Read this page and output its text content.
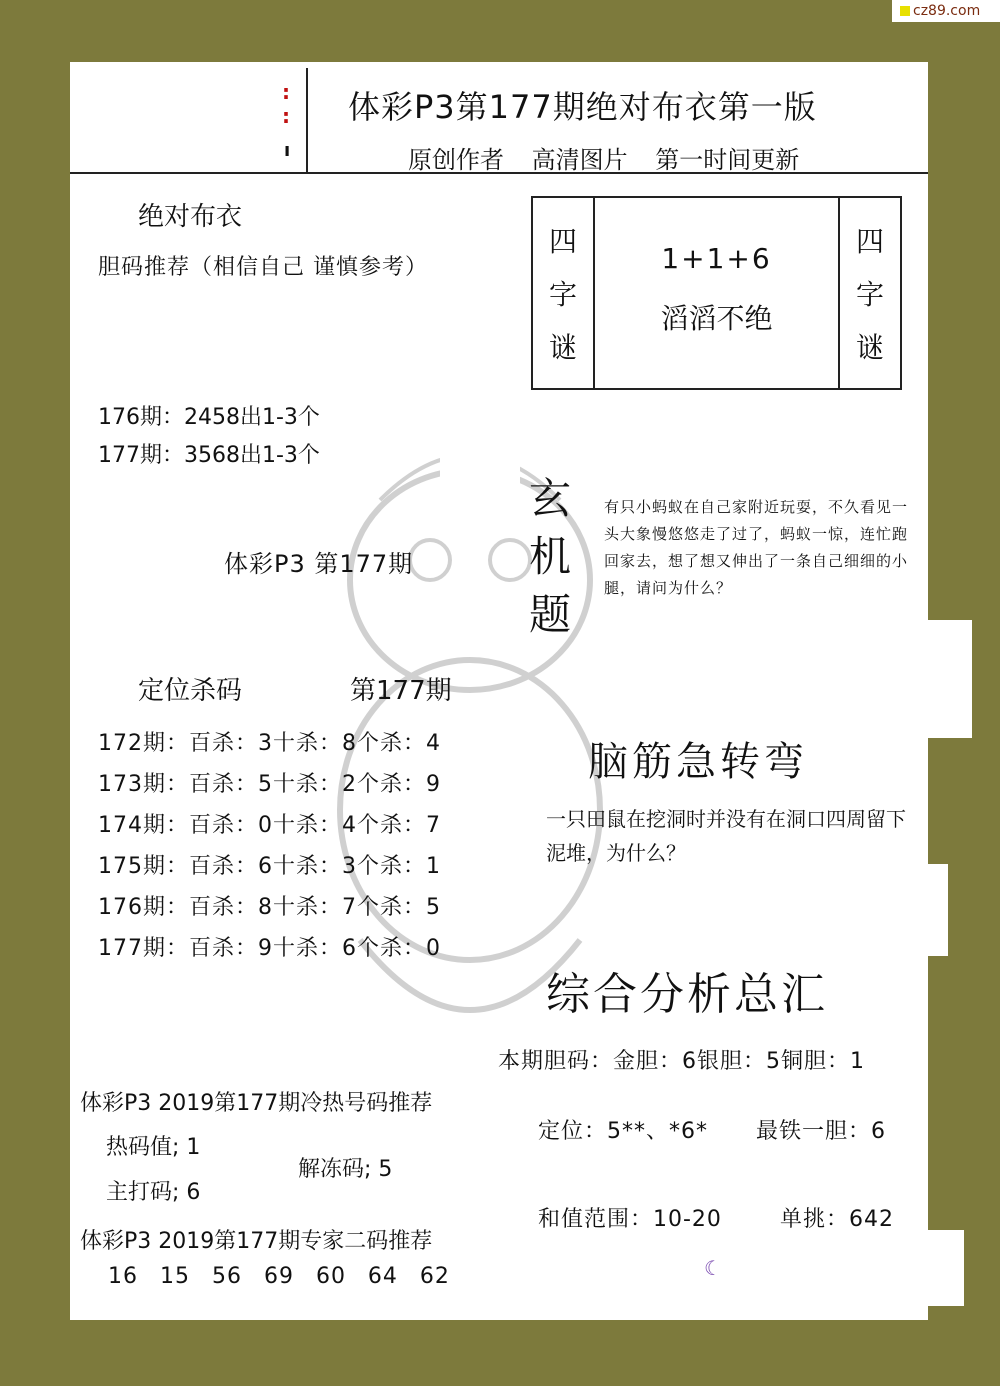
cz89.com
:
:
ı
体彩P3第177期绝对布衣第一版
原创作者 高清图片 第一时间更新
绝对布衣
胆码推荐（相信自己 谨慎参考）
176期：2458出1-3个
177期：3568出1-3个
四
字
谜
1+1+6
滔滔不绝
四
字
谜
体彩P3 第177期
玄
机
题
有只小蚂蚁在自己家附近玩耍，不久看见一头大象慢悠悠走了过了，蚂蚁一惊，连忙跑回家去，想了想又伸出了一条自己细细的小腿，请问为什么？
脑筋急转弯
一只田鼠在挖洞时并没有在洞口四周留下泥堆，为什么？
定位杀码	第177期
172期：百杀：3十杀：8个杀：4
173期：百杀：5十杀：2个杀：9
174期：百杀：0十杀：4个杀：7
175期：百杀：6十杀：3个杀：1
176期：百杀：8十杀：7个杀：5
177期：百杀：9十杀：6个杀：0
综合分析总汇
本期胆码：金胆：6银胆：5铜胆：1
定位：5**、*6* 最铁一胆：6
和值范围：10-20	单挑：642
☾
体彩P3 2019第177期冷热号码推荐
热码值; 1
主打码; 6
解冻码; 5
体彩P3 2019第177期专家二码推荐
16 15 56 69 60 64 62
